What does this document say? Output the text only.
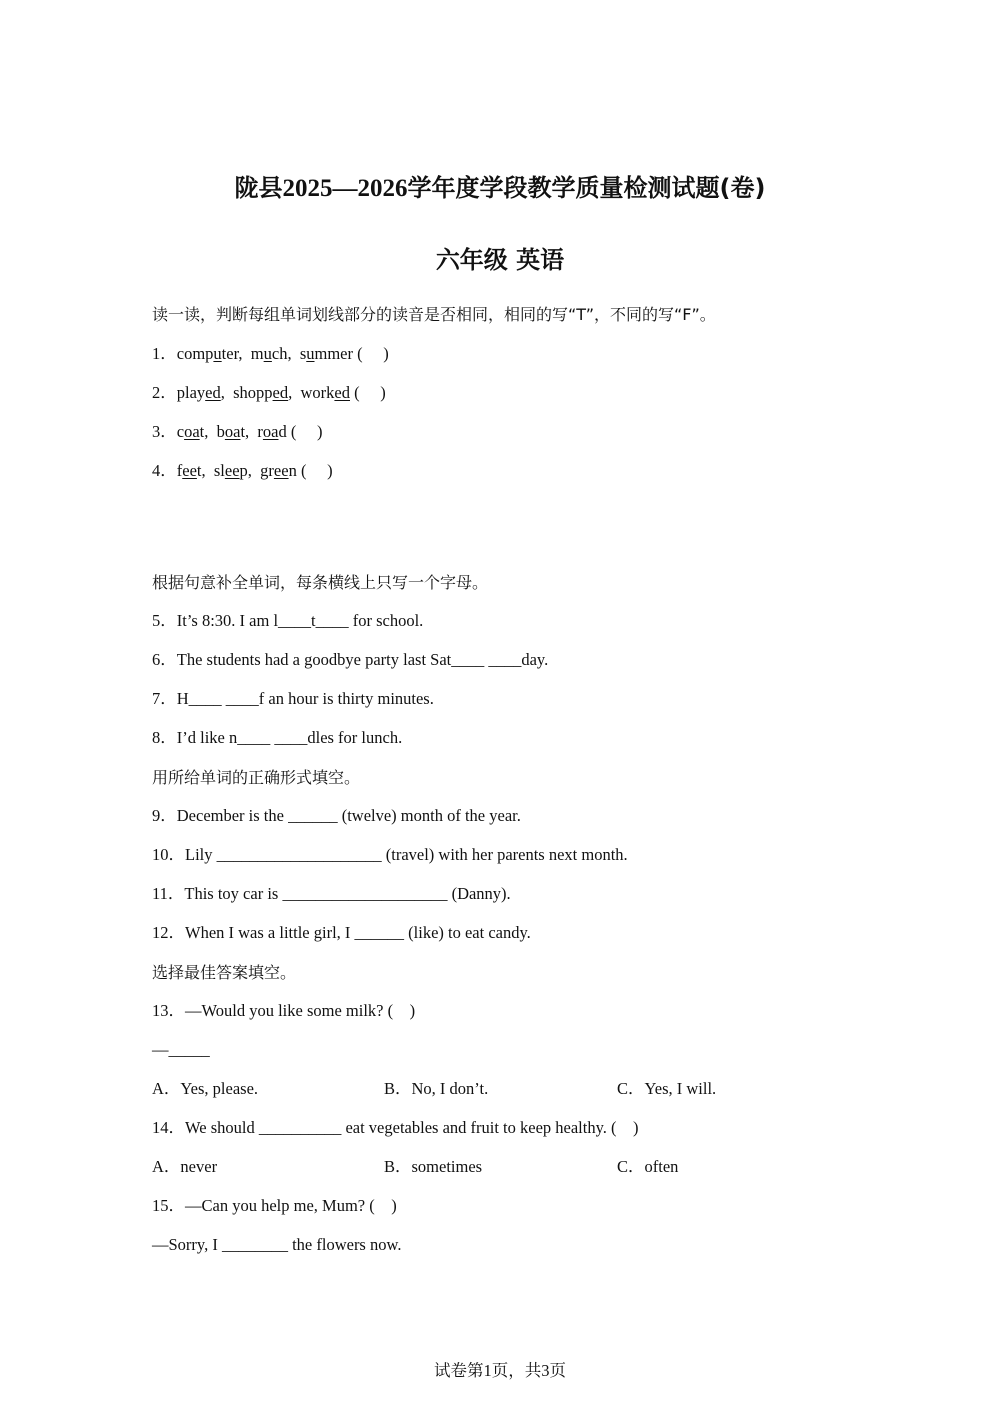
陇县2025—2026学年度学段教学质量检测试题(卷)
六年级 英语
读一读，判断每组单词划线部分的读音是否相同，相同的写“T”，不同的写“F”。
1．computer,  much,  summer (     )
2．played,  shopped,  worked (     )
3．coat,  boat,  road (     )
4．feet,  sleep,  green (     )
根据句意补全单词，每条横线上只写一个字母。
5．It’s 8:30. I am l____t____ for school.
6．The students had a goodbye party last Sat____ ____day.
7．H____ ____f an hour is thirty minutes.
8．I’d like n____ ____dles for lunch.
用所给单词的正确形式填空。
9．December is the ______ (twelve) month of the year.
10．Lily ____________________ (travel) with her parents next month.
11．This toy car is ____________________ (Danny).
12．When I was a little girl, I ______ (like) to eat candy.
选择最佳答案填空。
13．—Would you like some milk? (    )
—_____
A．Yes, please.	B．No, I don’t.	C．Yes, I will.
14．We should __________ eat vegetables and fruit to keep healthy. (    )
A．never	B．sometimes	C．often
15．—Can you help me, Mum? (    )
—Sorry, I ________ the flowers now.
试卷第1页，共3页
